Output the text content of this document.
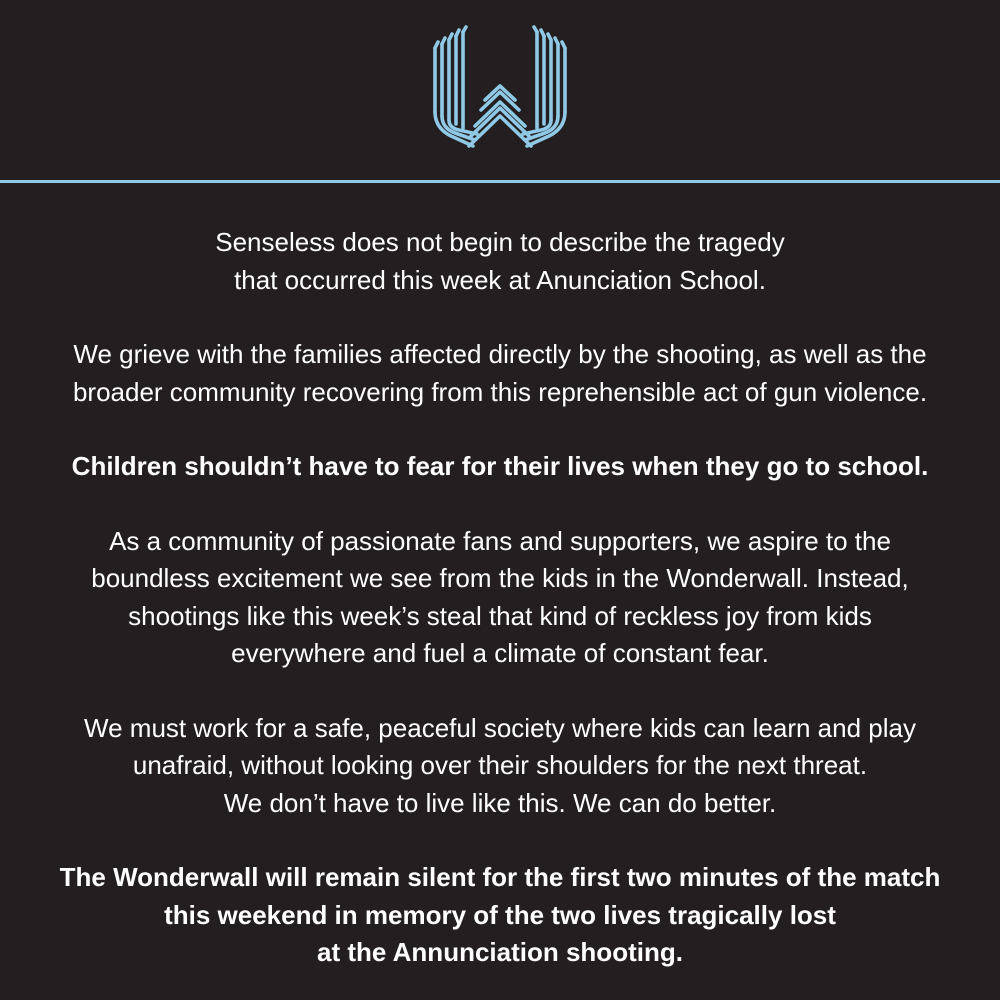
Senseless does not begin to describe the tragedy
that occurred this week at Anunciation School.

We grieve with the families affected directly by the shooting, as well as the
broader community recovering from this reprehensible act of gun violence.

Children shouldn’t have to fear for their lives when they go to school.

As a community of passionate fans and supporters, we aspire to the
boundless excitement we see from the kids in the Wonderwall. Instead,
shootings like this week’s steal that kind of reckless joy from kids
everywhere and fuel a climate of constant fear.

We must work for a safe, peaceful society where kids can learn and play
unafraid, without looking over their shoulders for the next threat.
We don’t have to live like this. We can do better.

The Wonderwall will remain silent for the first two minutes of the match
this weekend in memory of the two lives tragically lost
at the Annunciation shooting.
